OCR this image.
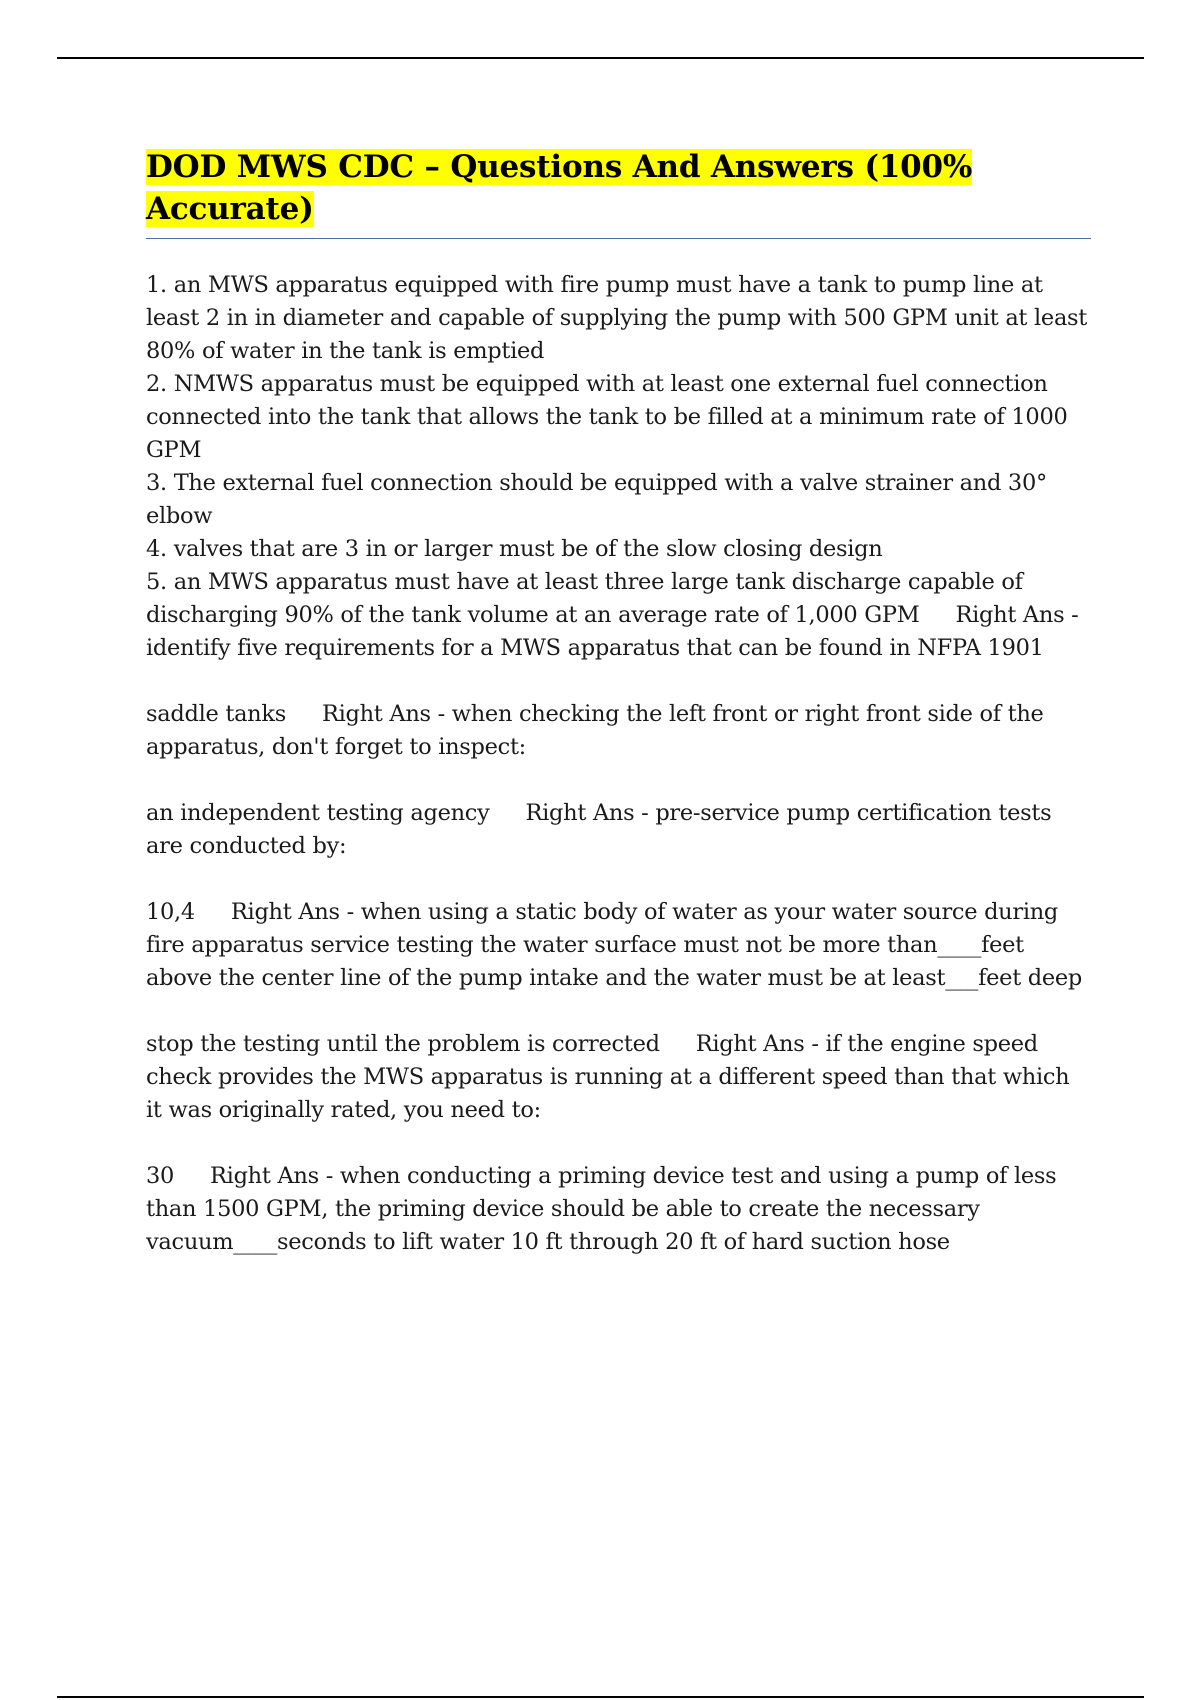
DOD MWS CDC – Questions And Answers (100% Accurate)

1. an MWS apparatus equipped with fire pump must have a tank to pump line at least 2 in in diameter and capable of supplying the pump with 500 GPM unit at least 80% of water in the tank is emptied

2. NMWS apparatus must be equipped with at least one external fuel connection connected into the tank that allows the tank to be filled at a minimum rate of 1000 GPM

3. The external fuel connection should be equipped with a valve strainer and 30° elbow

4. valves that are 3 in or larger must be of the slow closing design

5. an MWS apparatus must have at least three large tank discharge capable of discharging 90% of the tank volume at an average rate of 1,000 GPM Right Ans - identify five requirements for a MWS apparatus that can be found in NFPA 1901

saddle tanks Right Ans - when checking the left front or right front side of the apparatus, don't forget to inspect:

an independent testing agency Right Ans - pre-service pump certification tests are conducted by:

10,4 Right Ans - when using a static body of water as your water source during fire apparatus service testing the water surface must not be more than____feet above the center line of the pump intake and the water must be at least___feet deep

stop the testing until the problem is corrected Right Ans - if the engine speed check provides the MWS apparatus is running at a different speed than that which it was originally rated, you need to:

30 Right Ans - when conducting a priming device test and using a pump of less than 1500 GPM, the priming device should be able to create the necessary vacuum____seconds to lift water 10 ft through 20 ft of hard suction hose
